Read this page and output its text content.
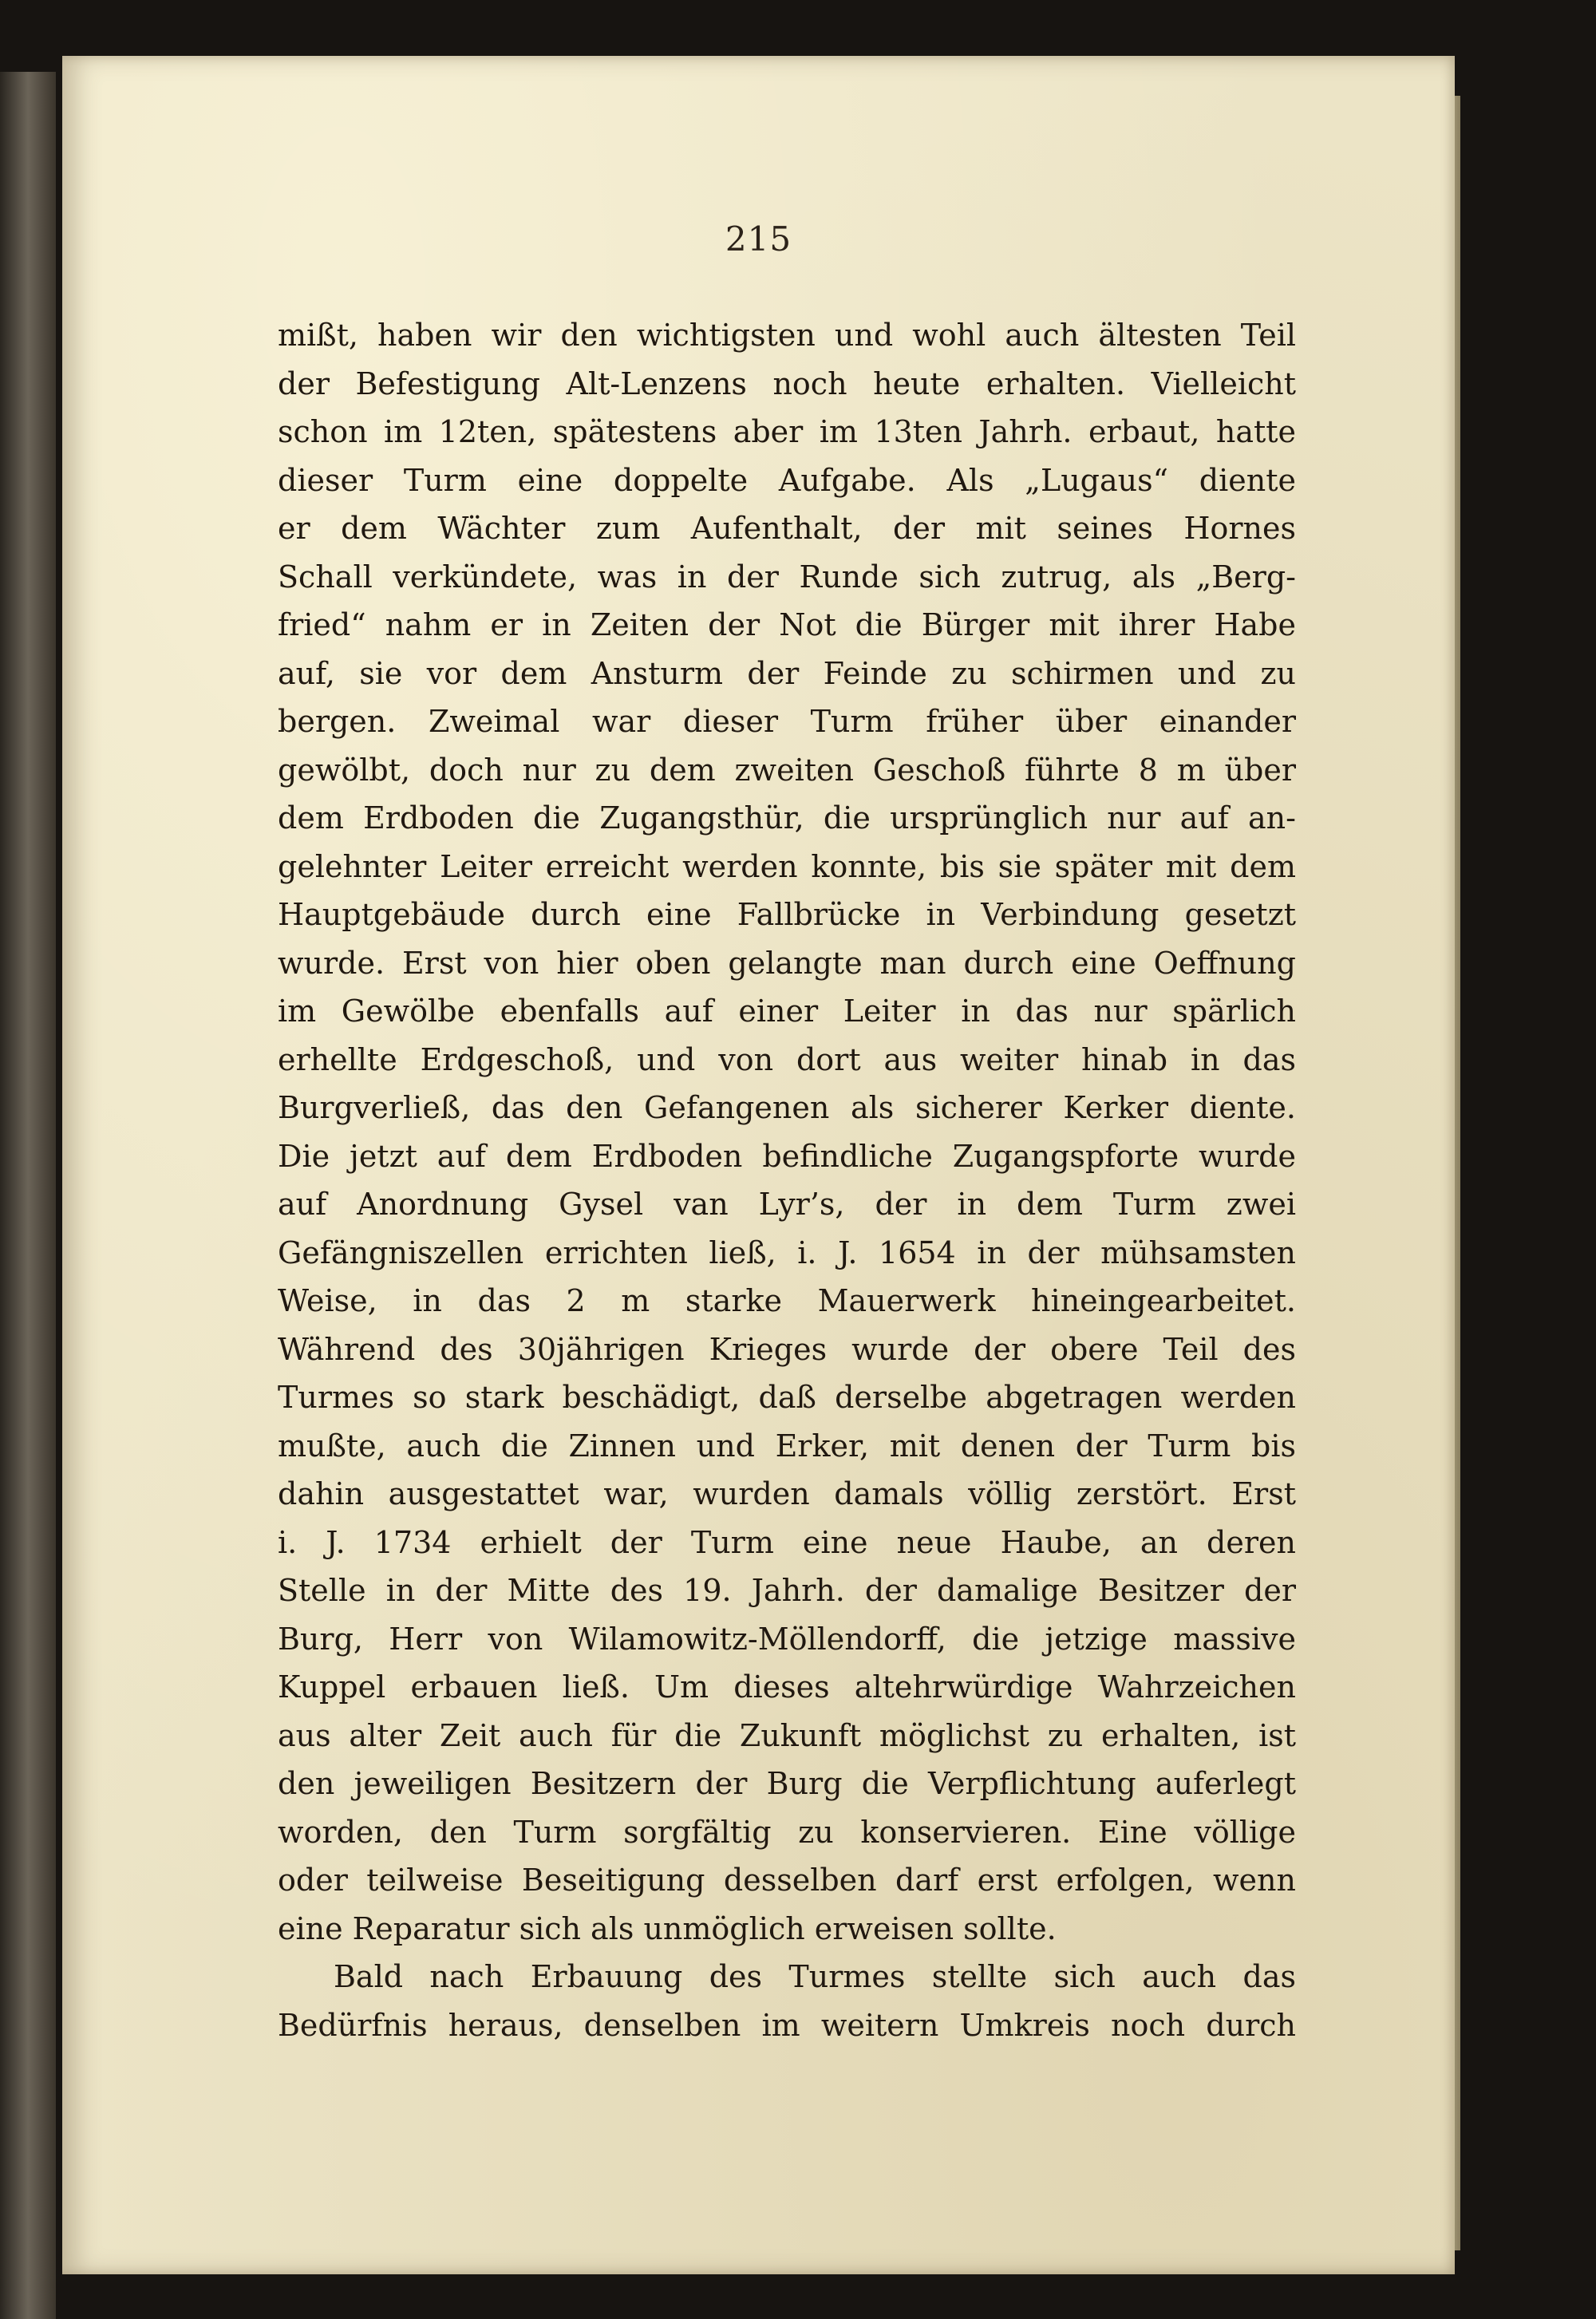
215
mißt, haben wir den wichtigsten und wohl auch ältesten Teil
der Befestigung Alt-Lenzens noch heute erhalten. Vielleicht
schon im 12ten, spätestens aber im 13ten Jahrh. erbaut, hatte
dieser Turm eine doppelte Aufgabe. Als „Lugaus“ diente
er dem Wächter zum Aufenthalt, der mit seines Hornes
Schall verkündete, was in der Runde sich zutrug, als „Berg-
fried“ nahm er in Zeiten der Not die Bürger mit ihrer Habe
auf, sie vor dem Ansturm der Feinde zu schirmen und zu
bergen. Zweimal war dieser Turm früher über einander
gewölbt, doch nur zu dem zweiten Geschoß führte 8 m über
dem Erdboden die Zugangsthür, die ursprünglich nur auf an-
gelehnter Leiter erreicht werden konnte, bis sie später mit dem
Hauptgebäude durch eine Fallbrücke in Verbindung gesetzt
wurde. Erst von hier oben gelangte man durch eine Oeffnung
im Gewölbe ebenfalls auf einer Leiter in das nur spärlich
erhellte Erdgeschoß, und von dort aus weiter hinab in das
Burgverließ, das den Gefangenen als sicherer Kerker diente.
Die jetzt auf dem Erdboden befindliche Zugangspforte wurde
auf Anordnung Gysel van Lyr’s, der in dem Turm zwei
Gefängniszellen errichten ließ, i. J. 1654 in der mühsamsten
Weise, in das 2 m starke Mauerwerk hineingearbeitet.
Während des 30jährigen Krieges wurde der obere Teil des
Turmes so stark beschädigt, daß derselbe abgetragen werden
mußte, auch die Zinnen und Erker, mit denen der Turm bis
dahin ausgestattet war, wurden damals völlig zerstört. Erst
i. J. 1734 erhielt der Turm eine neue Haube, an deren
Stelle in der Mitte des 19. Jahrh. der damalige Besitzer der
Burg, Herr von Wilamowitz-Möllendorff, die jetzige massive
Kuppel erbauen ließ. Um dieses altehrwürdige Wahrzeichen
aus alter Zeit auch für die Zukunft möglichst zu erhalten, ist
den jeweiligen Besitzern der Burg die Verpflichtung auferlegt
worden, den Turm sorgfältig zu konservieren. Eine völlige
oder teilweise Beseitigung desselben darf erst erfolgen, wenn
eine Reparatur sich als unmöglich erweisen sollte.
Bald nach Erbauung des Turmes stellte sich auch das
Bedürfnis heraus, denselben im weitern Umkreis noch durch
